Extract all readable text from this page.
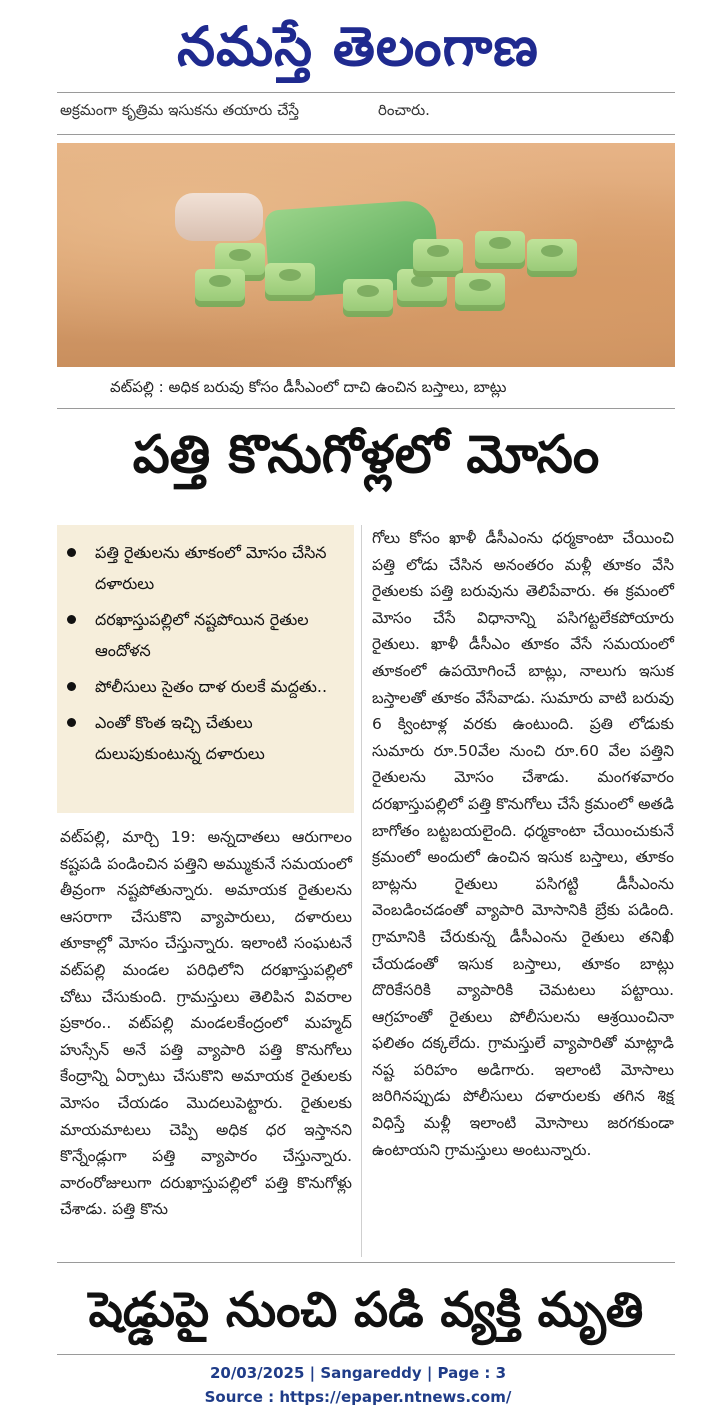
నమస్తే తెలంగాణ
అక్రమంగా కృత్రిమ ఇసుకను తయారు చేస్తే	రించారు.
వట్‌పల్లి : అధిక బరువు కోసం డీసీఎంలో దాచి ఉంచిన బస్తాలు, బాట్లు
పత్తి కొనుగోళ్లలో మోసం
పత్తి రైతులను తూకంలో మోసం చేసిన దళారులు
దరఖాస్తుపల్లిలో నష్టపోయిన రైతుల ఆందోళన
పోలీసులు సైతం దాళ రులకే మద్దతు..
ఎంతో కొంత ఇచ్చి చేతులు దులుపుకుంటున్న దళారులు
వట్‌పల్లి, మార్చి 19: అన్నదాతలు ఆరుగాలం కష్టపడి పండించిన పత్తిని అమ్ముకునే సమయంలో తీవ్రంగా నష్టపోతున్నారు. అమాయక రైతులను ఆసరాగా చేసుకొని వ్యాపారులు, దళారులు తూకాల్లో మోసం చేస్తున్నారు. ఇలాంటి సంఘటనే వట్‌పల్లి మండల పరిధిలోని దరఖాస్తుపల్లిలో చోటు చేసుకుంది. గ్రామస్తులు తెలిపిన వివరాల ప్రకారం.. వట్‌పల్లి మండలకేంద్రంలో మహ్మద్ హుస్సేన్ అనే పత్తి వ్యాపారి పత్తి కొనుగోలు కేంద్రాన్ని ఏర్పాటు చేసుకొని అమాయక రైతులకు మోసం చేయడం మొదలుపెట్టారు. రైతులకు మాయమాటలు చెప్పి అధిక ధర ఇస్తానని కొన్నేండ్లుగా పత్తి వ్యాపారం చేస్తున్నారు. వారంరోజులుగా దరుఖాస్తుపల్లిలో పత్తి కొనుగోళ్లు చేశాడు. పత్తి కొను
గోలు కోసం ఖాళీ డీసీఎంను ధర్మకాంటా చేయించి పత్తి లోడు చేసిన అనంతరం మళ్లీ తూకం వేసి రైతులకు పత్తి బరువును తెలిపేవారు. ఈ క్రమంలో మోసం చేసే విధానాన్ని పసిగట్టలేకపోయారు రైతులు. ఖాళీ డీసీఎం తూకం వేసే సమయంలో తూకంలో ఉపయోగించే బాట్లు, నాలుగు ఇసుక బస్తాలతో తూకం వేసేవాడు. సుమారు వాటి బరువు 6 క్వింటాళ్ల వరకు ఉంటుంది. ప్రతి లోడుకు సుమారు రూ.50వేల నుంచి రూ.60 వేల పత్తిని రైతులను మోసం చేశాడు. మంగళవారం దరఖాస్తుపల్లిలో పత్తి కొనుగోలు చేసే క్రమంలో అతడి బాగోతం బట్టబయలైంది. ధర్మకాంటా చేయించుకునే క్రమంలో అందులో ఉంచిన ఇసుక బస్తాలు, తూకం బాట్లను రైతులు పసిగట్టి డీసీఎంను వెంబడించడంతో వ్యాపారి మోసానికి బ్రేకు పడింది. గ్రామానికి చేరుకున్న డీసీఎంను రైతులు తనిఖీ చేయడంతో ఇసుక బస్తాలు, తూకం బాట్లు దొరికేసరికి వ్యాపారికి చెమటలు పట్టాయి. ఆగ్రహంతో రైతులు పోలీసులను ఆశ్రయించినా ఫలితం దక్కలేదు. గ్రామస్తులే వ్యాపారితో మాట్లాడి నష్ట పరిహం అడిగారు. ఇలాంటి మోసాలు జరిగినప్పుడు పోలీసులు దళారులకు తగిన శిక్ష విధిస్తే మళ్లీ ఇలాంటి మోసాలు జరగకుండా ఉంటాయని గ్రామస్తులు అంటున్నారు.
షెడ్డుపై నుంచి పడి వ్యక్తి మృతి
20/03/2025 | Sangareddy | Page : 3
Source : https://epaper.ntnews.com/
